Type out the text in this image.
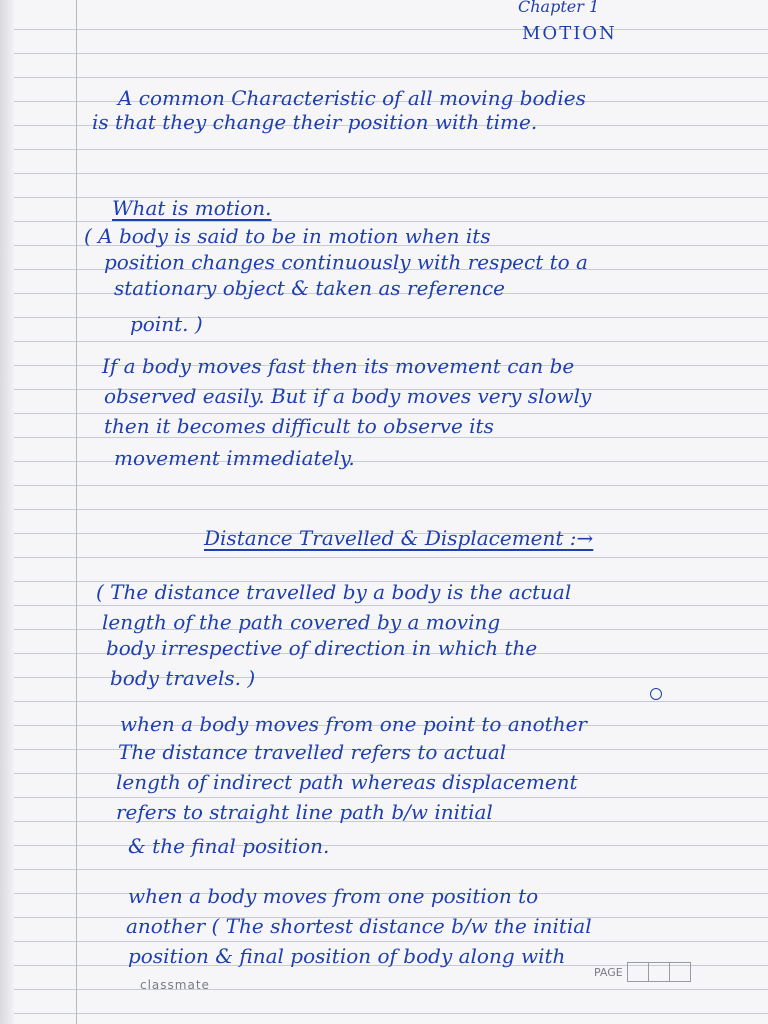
Chapter 1

MOTION

A common Characteristic of all moving bodies

is that they change their position with time.

What is motion.

( A body is said to be in motion when its

position changes continuously with respect to a

stationary object & taken as reference

point. )

If a body moves fast then its movement can be

observed easily. But if a body moves very slowly

then it becomes difficult to observe its

movement immediately.

Distance Travelled & Displacement :→

( The distance travelled by a body is the actual

length of the path covered by a moving

body irrespective of direction in which the

body travels. )

when a body moves from one point to another

The distance travelled refers to actual

length of indirect path whereas displacement

refers to straight line path b/w initial

& the final position.

when a body moves from one position to

another ( The shortest distance b/w the initial

position & final position of body along with

classmate
PAGE
